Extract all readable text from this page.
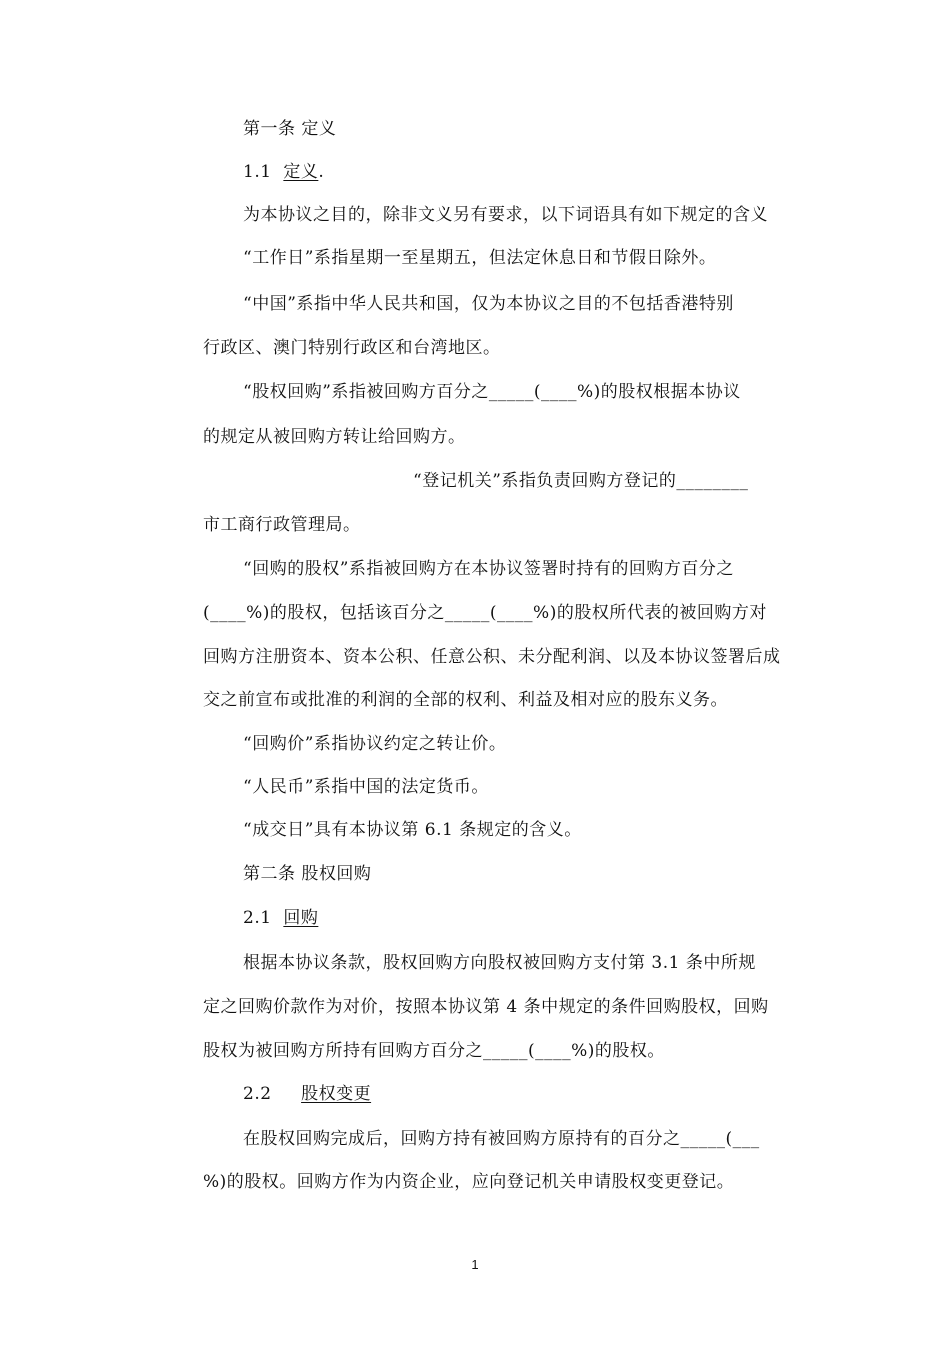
第一条 定义
1.1 定义.
为本协议之目的，除非文义另有要求，以下词语具有如下规定的含义
“工作日”系指星期一至星期五，但法定休息日和节假日除外。
“中国”系指中华人民共和国，仅为本协议之目的不包括香港特别
行政区、澳门特别行政区和台湾地区。
“股权回购”系指被回购方百分之_____(____%)的股权根据本协议
的规定从被回购方转让给回购方。
“登记机关”系指负责回购方登记的________
市工商行政管理局。
“回购的股权”系指被回购方在本协议签署时持有的回购方百分之
(____%)的股权，包括该百分之_____(____%)的股权所代表的被回购方对
回购方注册资本、资本公积、任意公积、未分配利润、以及本协议签署后成
交之前宣布或批准的利润的全部的权利、利益及相对应的股东义务。
“回购价”系指协议约定之转让价。
“人民币”系指中国的法定货币。
“成交日”具有本协议第 6.1 条规定的含义。
第二条 股权回购
2.1 回购
根据本协议条款，股权回购方向股权被回购方支付第 3.1 条中所规
定之回购价款作为对价，按照本协议第 4 条中规定的条件回购股权，回购
股权为被回购方所持有回购方百分之_____(____%)的股权。
2.2 股权变更
在股权回购完成后，回购方持有被回购方原持有的百分之_____(___
%)的股权。回购方作为内资企业，应向登记机关申请股权变更登记。
1
